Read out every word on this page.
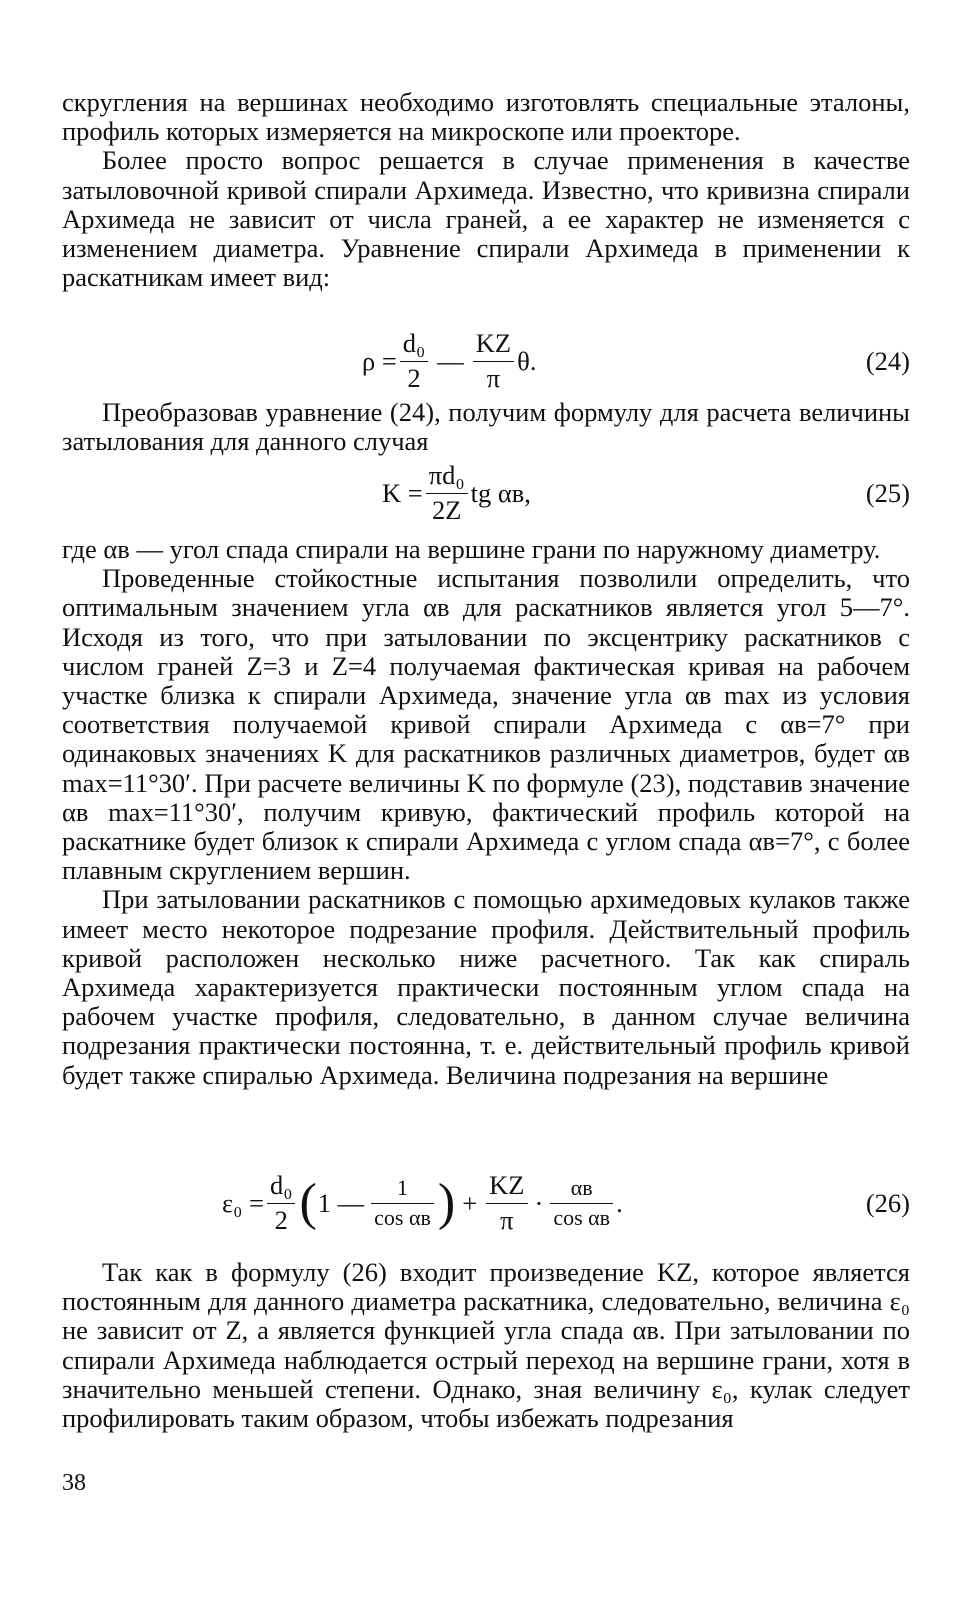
скругления на вершинах необходимо изготовлять специальные эталоны, профиль которых измеряется на микроскопе или проекторе.

Более просто вопрос решается в случае применения в качестве затыловочной кривой спирали Архимеда. Известно, что кривизна спирали Архимеда не зависит от числа граней, а ее характер не изменяется с изменением диаметра. Уравнение спирали Архимеда в применении к раскатникам имеет вид:

$\rho = \frac{\text{d₀}}{2}$ — $\frac{KZ}{\pi} \theta$.	(24)

Преобразовав уравнение (24), получим формулу для расчета величины затылования для данного случая

$K = \frac{\text{πd₀}}{2Z}$ tg αв,	(25)

где αв — угол спада спирали на вершине грани по наружному диаметру.

Проведенные стойкостные испытания позволили определить, что оптимальным значением угла αв для раскатников является угол 5—7°. Исходя из того, что при затыловании по эксцентрику раскатников с числом граней Z=3 и Z=4 получаемая фактическая кривая на рабочем участке близка к спирали Архимеда, значение угла αв max из условия соответствия получаемой кривой спирали Архимеда с αв=7° при одинаковых значениях K для раскатников различных диаметров, будет αв max=11°30′. При расчете величины K по формуле (23), подставив значение αв max=11°30′, получим кривую, фактический профиль которой на раскатнике будет близок к спирали Архимеда с углом спада αв=7°, с более плавным скруглением вершин.

При затыловании раскатников с помощью архимедовых кулаков также имеет место некоторое подрезание профиля. Действительный профиль кривой расположен несколько ниже расчетного. Так как спираль Архимеда характеризуется практически постоянным углом спада на рабочем участке профиля, следовательно, в данном случае величина подрезания практически постоянна, т. е. действительный профиль кривой будет также спиралью Архимеда. Величина подрезания на вершине

$\varepsilon_0 = \frac{\text{d₀}}{2}$ ( 1 — $\frac{1}{\text{cos αв}}$ ) + $\frac{KZ}{\pi} \cdot \frac{\alpha в}{\text{cos αв}}$ .	(26)

Так как в формулу (26) входит произведение KZ, которое является постоянным для данного диаметра раскатника, следовательно, величина ε₀ не зависит от Z, а является функцией угла спада αв. При затыловании по спирали Архимеда наблюдается острый переход на вершине грани, хотя в значительно меньшей степени. Однако, зная величину ε₀, кулак следует профилировать таким образом, чтобы избежать подрезания

38
